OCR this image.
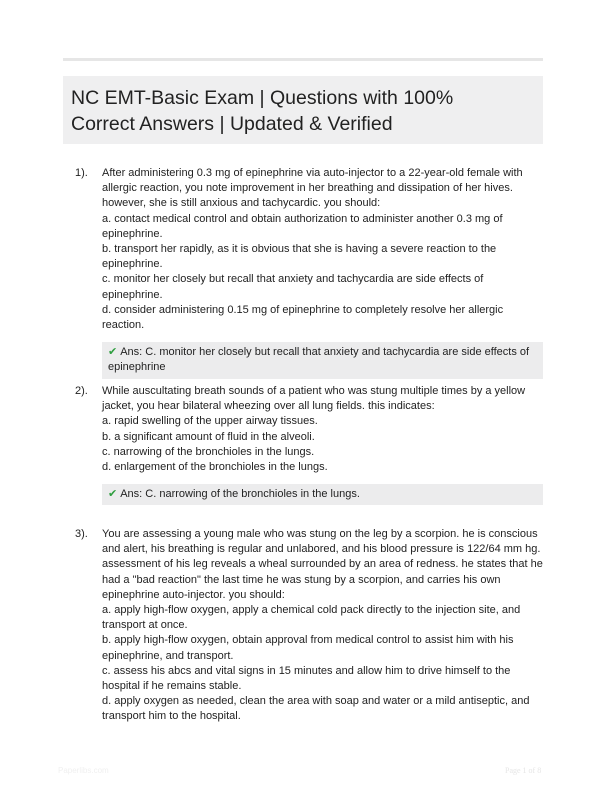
NC EMT-Basic Exam | Questions with 100%
Correct Answers | Updated & Verified
1). After administering 0.3 mg of epinephrine via auto-injector to a 22-year-old female with
allergic reaction, you note improvement in her breathing and dissipation of her hives.
however, she is still anxious and tachycardic. you should:
a. contact medical control and obtain authorization to administer another 0.3 mg of
epinephrine.
b. transport her rapidly, as it is obvious that she is having a severe reaction to the
epinephrine.
c. monitor her closely but recall that anxiety and tachycardia are side effects of epinephrine.
d. consider administering 0.15 mg of epinephrine to completely resolve her allergic
reaction.
✔ Ans: C. monitor her closely but recall that anxiety and tachycardia are side effects of
epinephrine
2). While auscultating breath sounds of a patient who was stung multiple times by a yellow
jacket, you hear bilateral wheezing over all lung fields. this indicates:
a. rapid swelling of the upper airway tissues.
b. a significant amount of fluid in the alveoli.
c. narrowing of the bronchioles in the lungs.
d. enlargement of the bronchioles in the lungs.
✔ Ans: C. narrowing of the bronchioles in the lungs.
3). You are assessing a young male who was stung on the leg by a scorpion. he is conscious
and alert, his breathing is regular and unlabored, and his blood pressure is 122/64 mm hg.
assessment of his leg reveals a wheal surrounded by an area of redness. he states that he
had a "bad reaction" the last time he was stung by a scorpion, and carries his own
epinephrine auto-injector. you should:
a. apply high-flow oxygen, apply a chemical cold pack directly to the injection site, and
transport at once.
b. apply high-flow oxygen, obtain approval from medical control to assist him with his
epinephrine, and transport.
c. assess his abcs and vital signs in 15 minutes and allow him to drive himself to the
hospital if he remains stable.
d. apply oxygen as needed, clean the area with soap and water or a mild antiseptic, and
transport him to the hospital.
Paperlibs.com	Page 1 of 8
